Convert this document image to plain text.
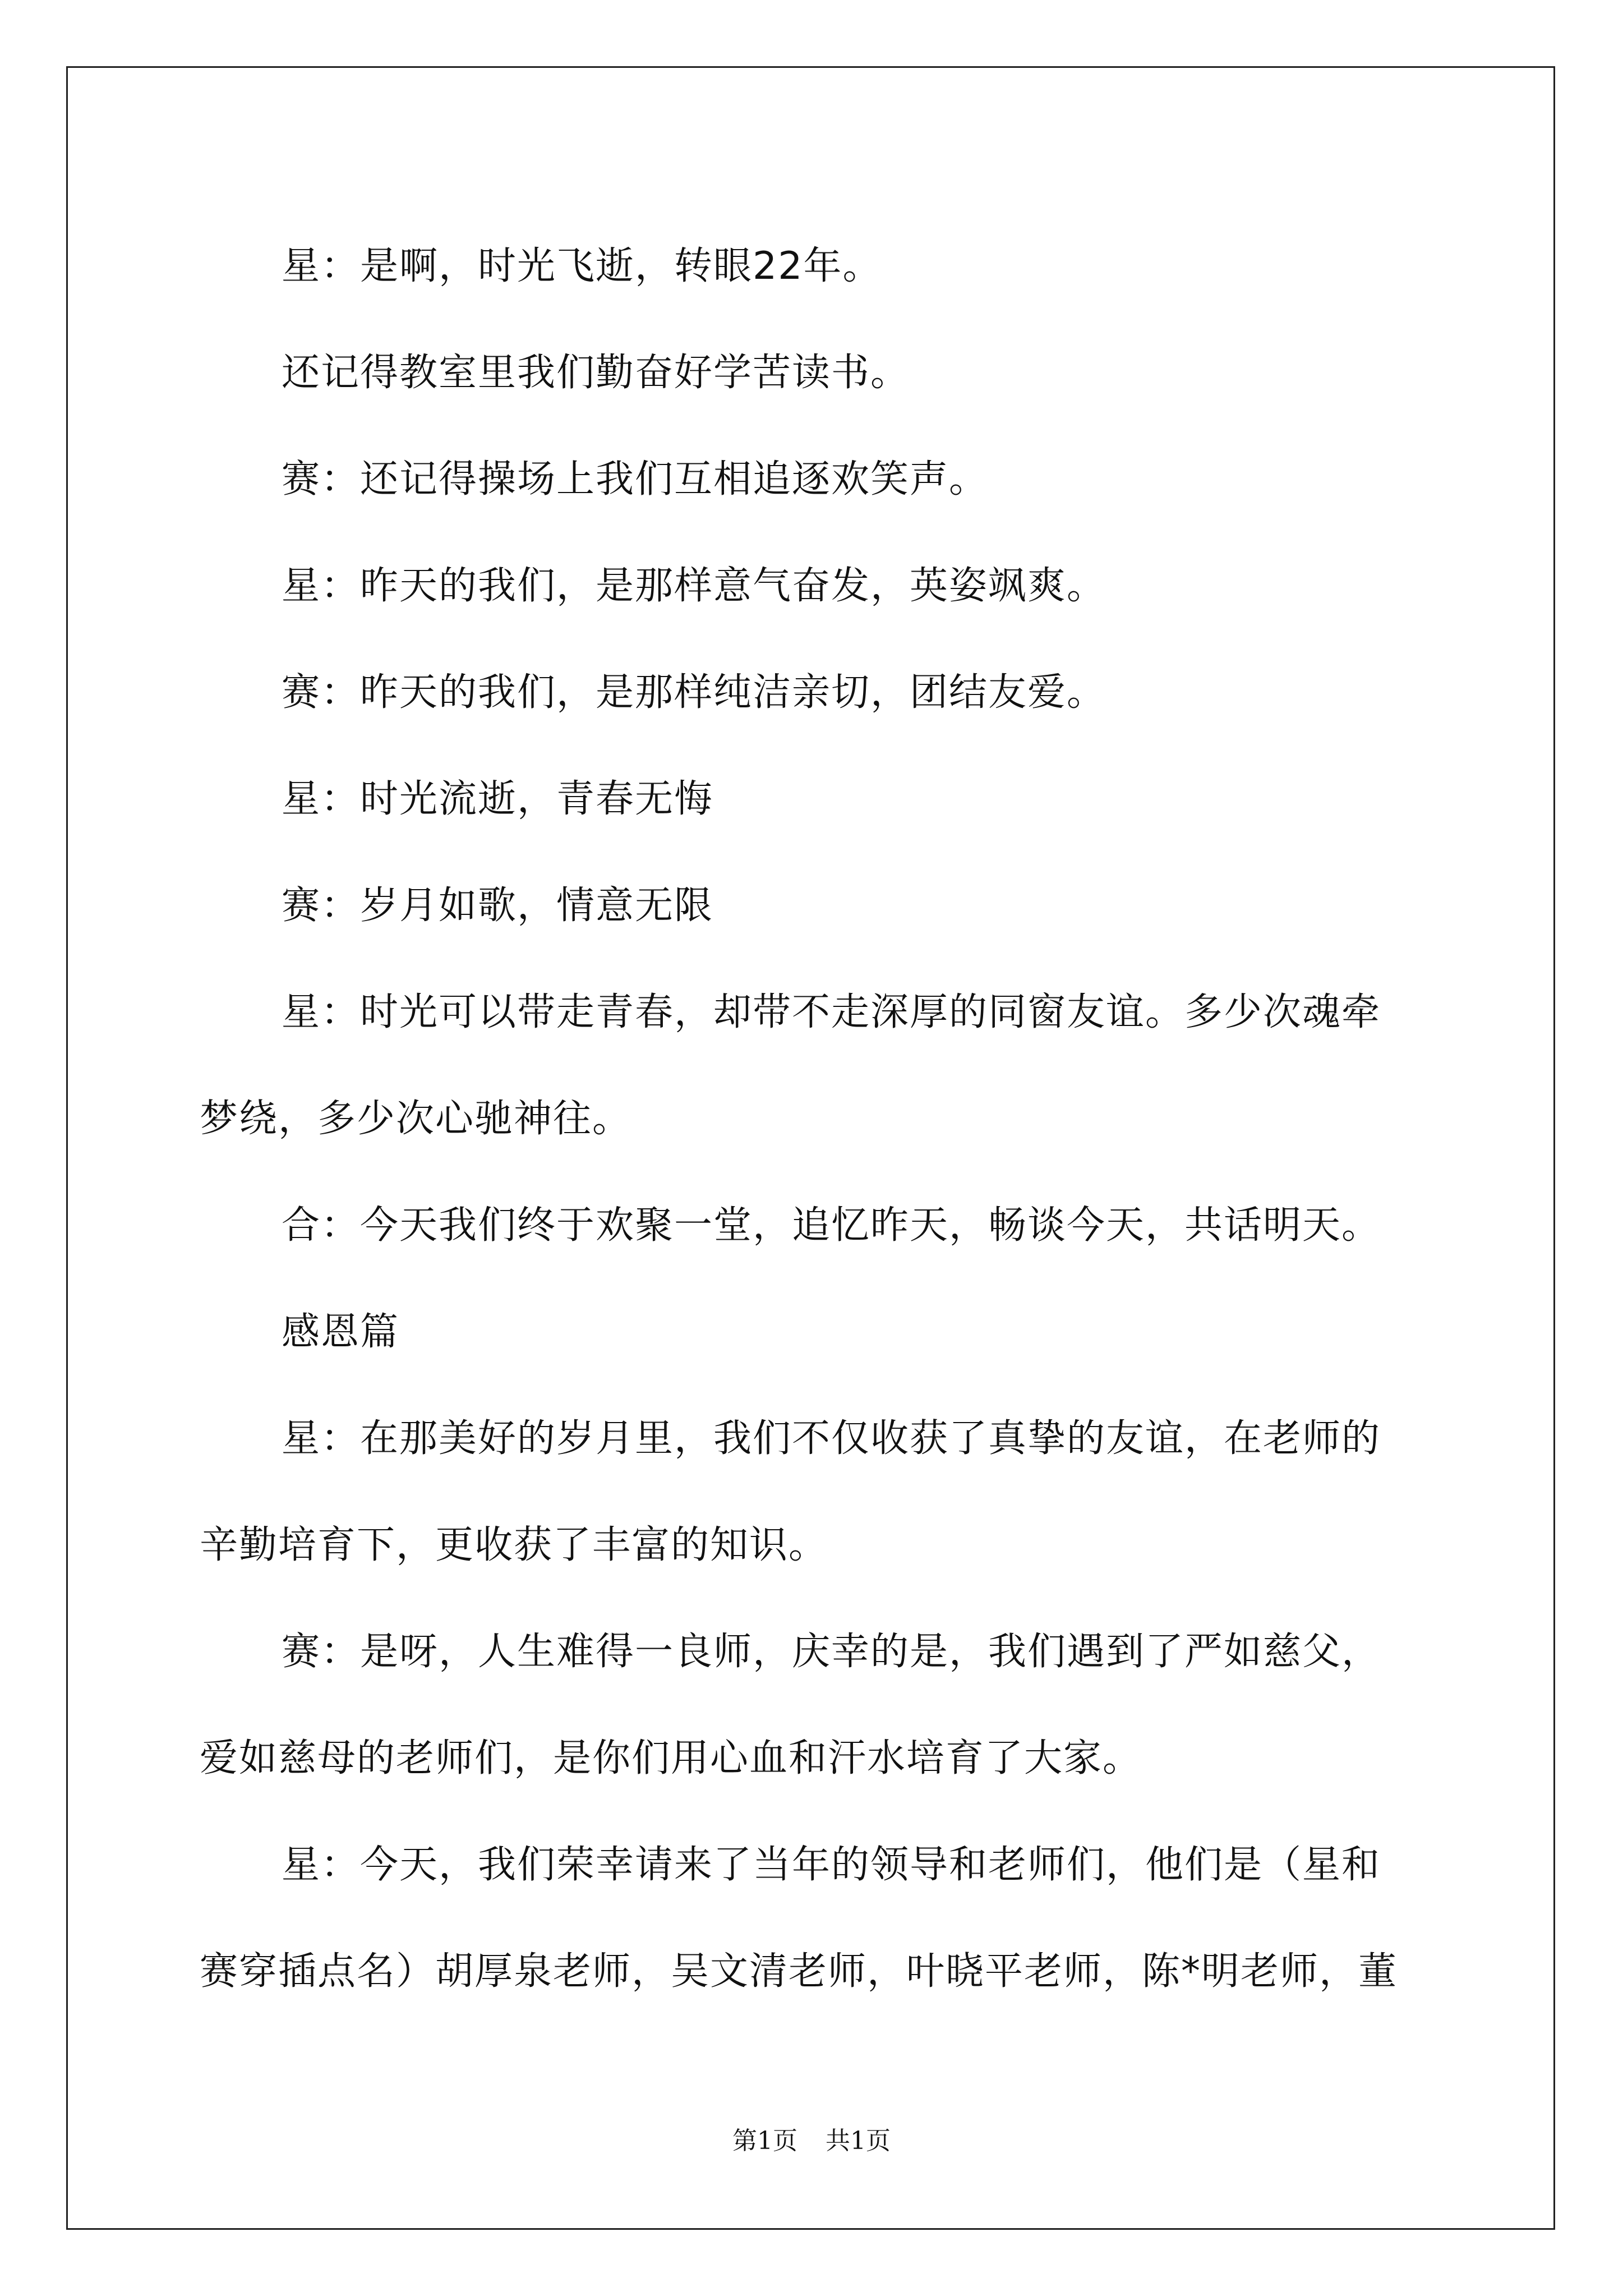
星：是啊，时光飞逝，转眼22年。

还记得教室里我们勤奋好学苦读书。

赛：还记得操场上我们互相追逐欢笑声。

星：昨天的我们，是那样意气奋发，英姿飒爽。

赛：昨天的我们，是那样纯洁亲切，团结友爱。

星：时光流逝，青春无悔

赛：岁月如歌，情意无限

星：时光可以带走青春，却带不走深厚的同窗友谊。多少次魂牵
梦绕，多少次心驰神往。

合：今天我们终于欢聚一堂，追忆昨天，畅谈今天，共话明天。

感恩篇

星：在那美好的岁月里，我们不仅收获了真挚的友谊，在老师的
辛勤培育下，更收获了丰富的知识。

赛：是呀，人生难得一良师，庆幸的是，我们遇到了严如慈父，
爱如慈母的老师们，是你们用心血和汗水培育了大家。

星：今天，我们荣幸请来了当年的领导和老师们，他们是（星和
赛穿插点名）胡厚泉老师，吴文清老师，叶晓平老师，陈*明老师，董

第1页 共1页
